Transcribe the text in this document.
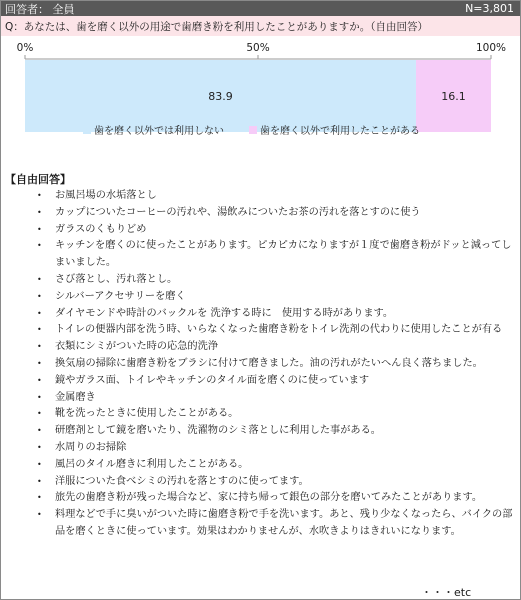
回答者： 全員	N=3,801
Q：あなたは、歯を磨く以外の用途で歯磨き粉を利用したことがありますか。（自由回答）
0%	50%	100%
83.9	16.1
歯を磨く以外では利用しない	歯を磨く以外で利用したことがある
【自由回答】
• お風呂場の水垢落とし
• カップについたコーヒーの汚れや、湯飲みについたお茶の汚れを落とすのに使う
• ガラスのくもりどめ
• キッチンを磨くのに使ったことがあります。ピカピカになりますが１度で歯磨き粉がドッと減ってしまいました。
• さび落とし、汚れ落とし。
• シルバーアクセサリーを磨く
• ダイヤモンドや時計のバックルを 洗浄する時に　使用する時があります。
• トイレの便器内部を洗う時、いらなくなった歯磨き粉をトイレ洗剤の代わりに使用したことが有る
• 衣類にシミがついた時の応急的洗浄
• 換気扇の掃除に歯磨き粉をブラシに付けて磨きました。油の汚れがたいへん良く落ちました。
• 鏡やガラス面、トイレやキッチンのタイル面を磨くのに使っています
• 金属磨き
• 靴を洗ったときに使用したことがある。
• 研磨剤として鏡を磨いたり、洗濯物のシミ落としに利用した事がある。
• 水周りのお掃除
• 風呂のタイル磨きに利用したことがある。
• 洋服についた食べシミの汚れを落とすのに使ってます。
• 旅先の歯磨き粉が残った場合など、家に持ち帰って銀色の部分を磨いてみたことがあります。
• 料理などで手に臭いがついた時に歯磨き粉で手を洗います。あと、残り少なくなったら、バイクの部品を磨くときに使っています。効果はわかりませんが、水吹きよりはきれいになります。
・・・etc
